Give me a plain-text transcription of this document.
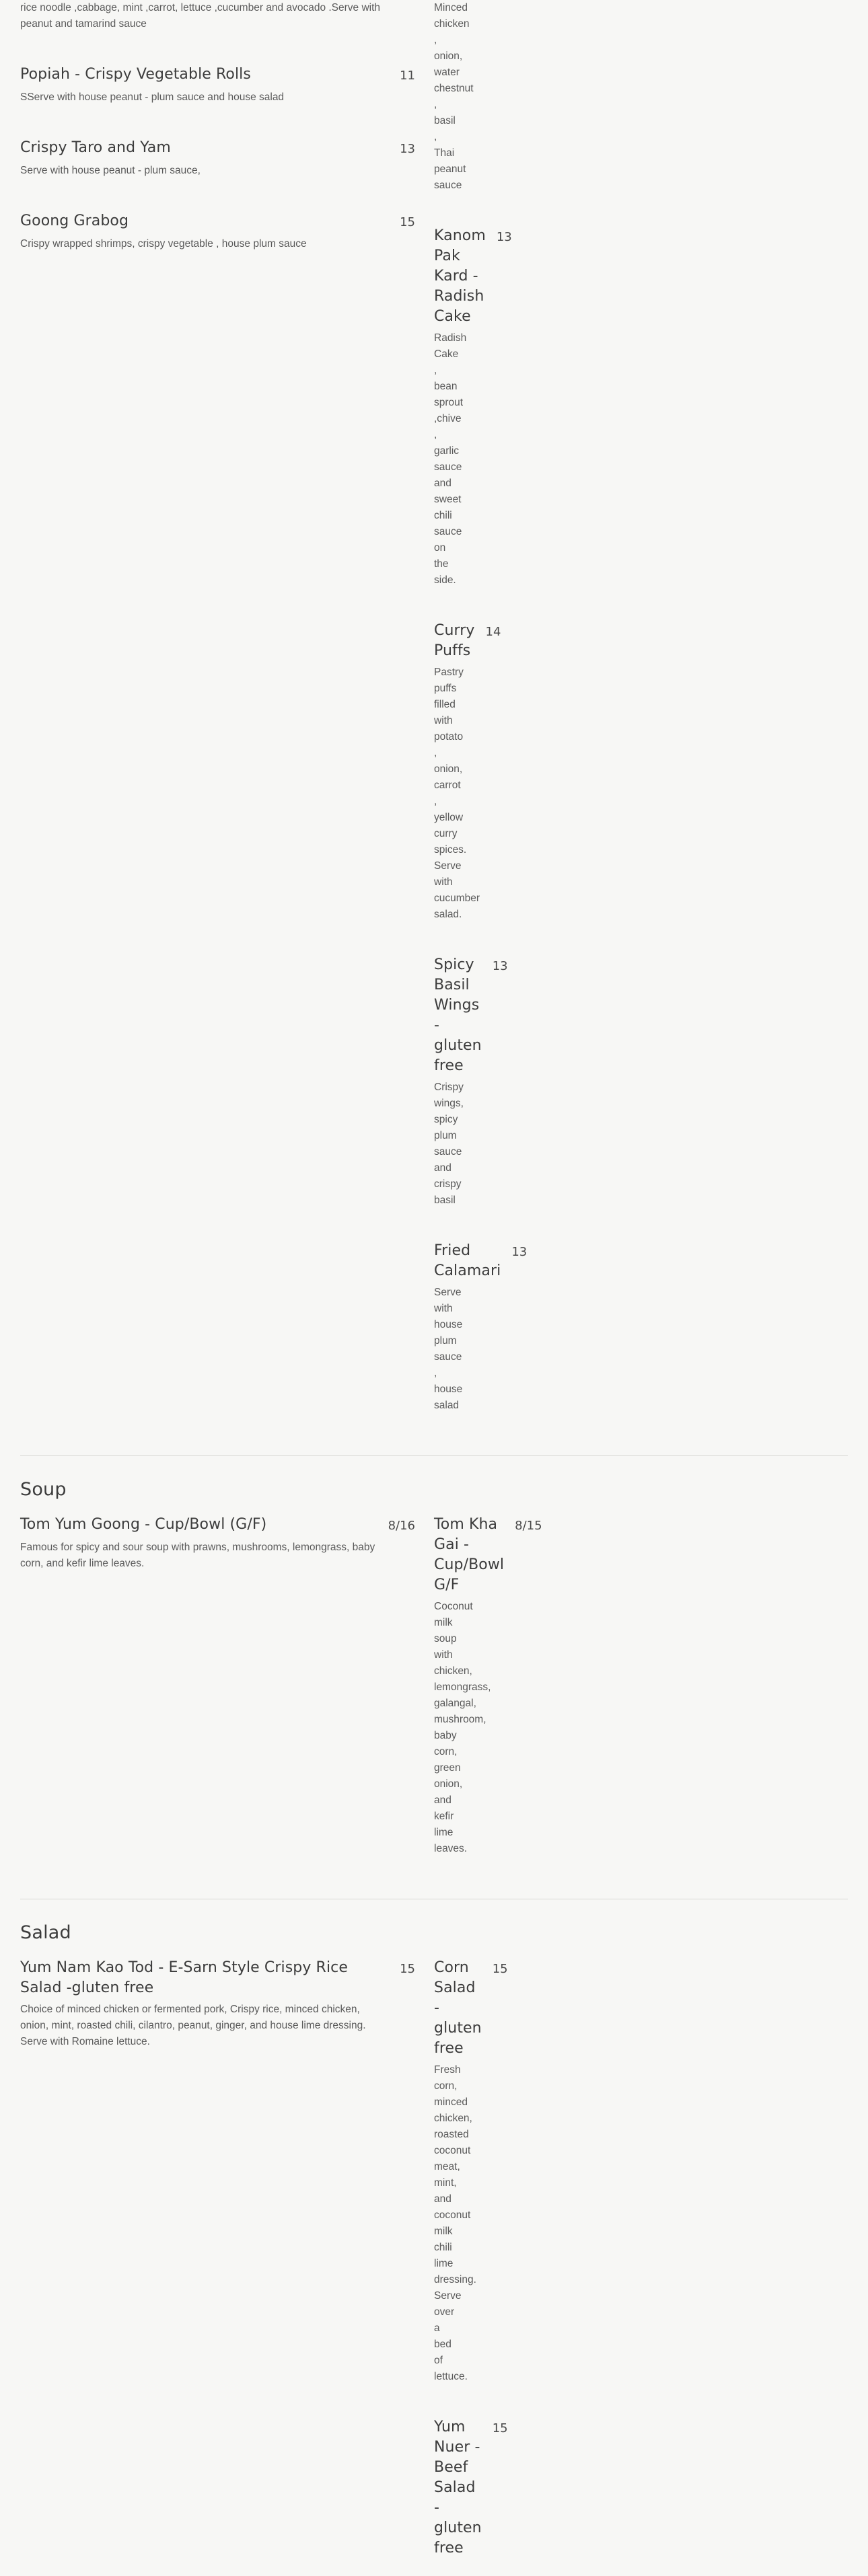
rice noodle ,cabbage, mint ,carrot, lettuce ,cucumber and avocado .Serve with peanut and tamarind sauce
Popiah - Crispy Vegetable Rolls	11
SServe with house peanut - plum sauce and house salad
Crispy Taro and Yam	13
Serve with house peanut - plum sauce,
Goong Grabog	15
Crispy wrapped shrimps, crispy vegetable , house plum sauce
Minced chicken , onion, water chestnut , basil , Thai peanut sauce
Kanom Pak Kard - Radish Cake
13
Radish Cake , bean sprout ,chive , garlic sauce and sweet chili sauce on the side.
Curry Puffs
14
Pastry puffs filled with potato , onion, carrot , yellow curry spices. Serve with cucumber salad.
Spicy Basil Wings - gluten free
13
Crispy wings, spicy plum sauce and crispy basil
Fried Calamari
13
Serve with house plum sauce , house salad
Soup
Tom Yum Goong - Cup/Bowl (G/F)	8/16
Famous for spicy and sour soup with prawns, mushrooms, lemongrass, baby corn, and kefir lime leaves.
Tom Kha Gai - Cup/Bowl G/F
8/15
Coconut milk soup with chicken, lemongrass, galangal, mushroom, baby corn, green onion, and kefir lime leaves.
Salad
Yum Nam Kao Tod - E-Sarn Style Crispy Rice Salad -gluten free
15
Choice of minced chicken or fermented pork, Crispy rice, minced chicken, onion, mint, roasted chili, cilantro, peanut, ginger, and house lime dressing. Serve with Romaine lettuce.
Corn Salad - gluten free
15
Fresh corn, minced chicken, roasted coconut meat, mint, and coconut milk chili lime dressing. Serve over a bed of lettuce.
Yum Nuer - Beef Salad -gluten free
15
